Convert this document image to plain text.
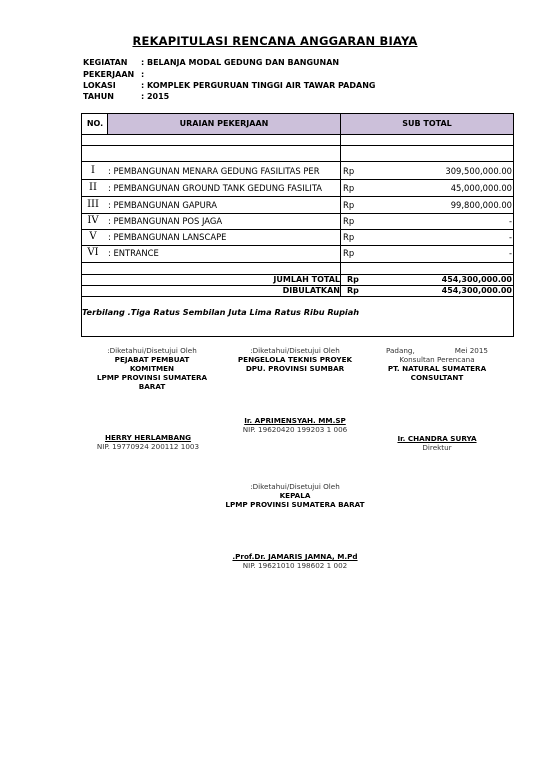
REKAPITULASI RENCANA ANGGARAN BIAYA
KEGIATAN : BELANJA MODAL GEDUNG DAN BANGUNAN
PEKERJAAN :
LOKASI	: KOMPLEK PERGURUAN TINGGI AIR TAWAR PADANG
TAHUN	: 2015
NO.	URAIAN PEKERJAAN	SUB TOTAL
I	: PEMBANGUNAN MENARA GEDUNG FASILITAS PER	Rp	309,500,000.00
II	: PEMBANGUNAN GROUND TANK GEDUNG FASILITA	Rp	45,000,000.00
III	: PEMBANGUNAN GAPURA	Rp	99,800,000.00
IV	: PEMBANGUNAN POS JAGA	Rp	-
V	: PEMBANGUNAN LANSCAPE	Rp	-
VI	: ENTRANCE	Rp	-
JUMLAH TOTAL Rp	454,300,000.00
DIBULATKAN Rp	454,300,000.00
Terbilang .Tiga Ratus Sembilan Juta Lima Ratus Ribu Rupiah
:Diketahui/Disetujui Oleh
PEJABAT PEMBUAT
KOMITMEN
LPMP PROVINSI SUMATERA
BARAT
HERRY HERLAMBANG
NIP. 19770924 200112 1003
:Diketahui/Disetujui Oleh
PENGELOLA TEKNIS PROYEK
DPU. PROVINSI SUMBAR
Ir. APRIMENSYAH. MM.SP
NIP. 19620420 199203 1 006
Padang,	Mei 2015
Konsultan Perencana
PT. NATURAL SUMATERA
CONSULTANT
Ir. CHANDRA SURYA
Direktur
:Diketahui/Disetujui Oleh
KEPALA
LPMP PROVINSI SUMATERA BARAT
.Prof.Dr. JAMARIS JAMNA, M.Pd
NIP. 19621010 198602 1 002
